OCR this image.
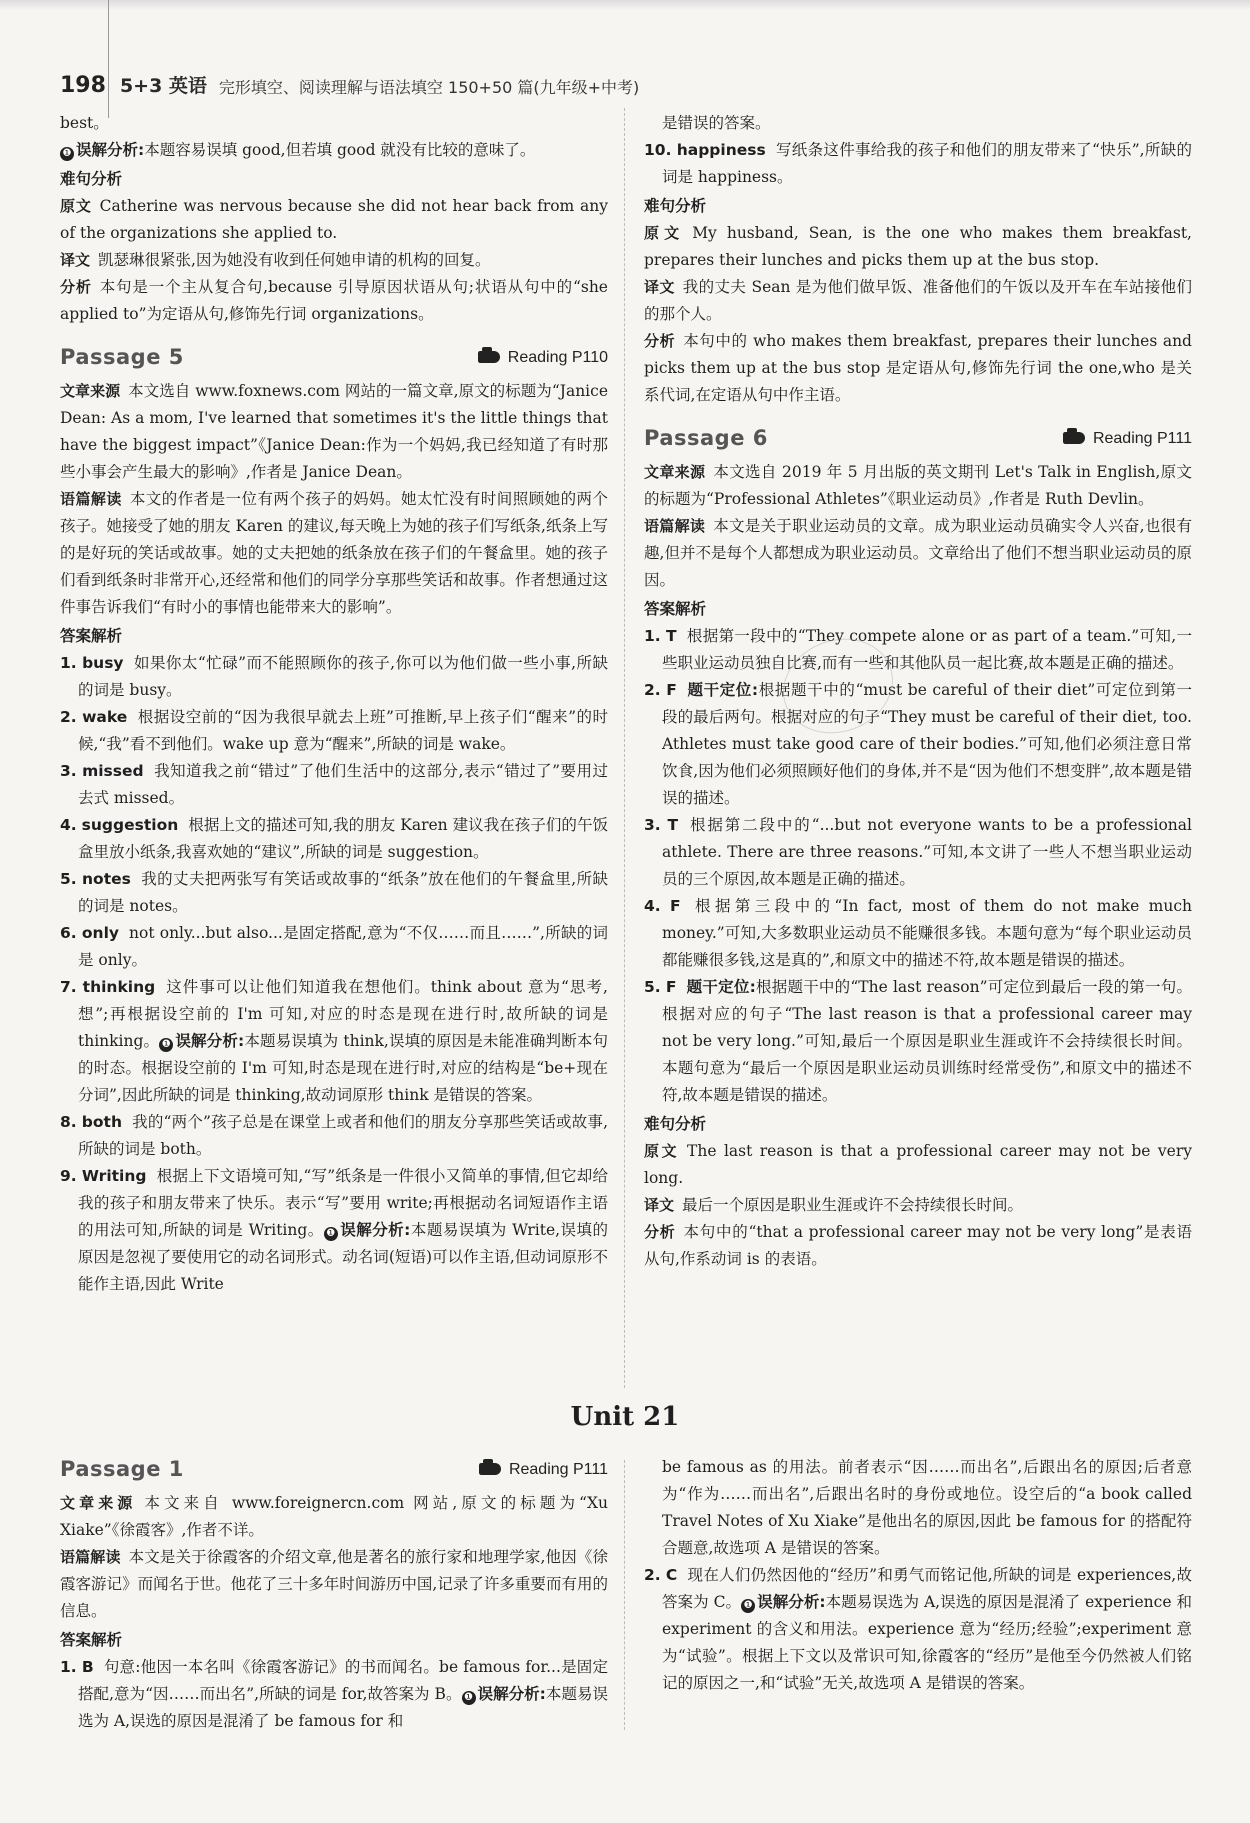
198 5+3 英语 完形填空、阅读理解与语法填空 150+50 篇(九年级+中考)

best。

❶ 误解分析:本题容易误填 good,但若填 good 就没有比较的意味了。

难句分析

原文 Catherine was nervous because she did not hear back from any of the organizations she applied to.

译文 凯瑟琳很紧张,因为她没有收到任何她申请的机构的回复。

分析 本句是一个主从复合句,because 引导原因状语从句;状语从句中的“she applied to”为定语从句,修饰先行词 organizations。

Passage 5	Reading P110

文章来源 本文选自 www.foxnews.com 网站的一篇文章,原文的标题为“Janice Dean: As a mom, I've learned that sometimes it's the little things that have the biggest impact”《Janice Dean:作为一个妈妈,我已经知道了有时那些小事会产生最大的影响》,作者是 Janice Dean。

语篇解读 本文的作者是一位有两个孩子的妈妈。她太忙没有时间照顾她的两个孩子。她接受了她的朋友 Karen 的建议,每天晚上为她的孩子们写纸条,纸条上写的是好玩的笑话或故事。她的丈夫把她的纸条放在孩子们的午餐盒里。她的孩子们看到纸条时非常开心,还经常和他们的同学分享那些笑话和故事。作者想通过这件事告诉我们“有时小的事情也能带来大的影响”。

答案解析

1. busy 如果你太“忙碌”而不能照顾你的孩子,你可以为他们做一些小事,所缺的词是 busy。

2. wake 根据设空前的“因为我很早就去上班”可推断,早上孩子们“醒来”的时候,“我”看不到他们。wake up 意为“醒来”,所缺的词是 wake。

3. missed 我知道我之前“错过”了他们生活中的这部分,表示“错过了”要用过去式 missed。

4. suggestion 根据上文的描述可知,我的朋友 Karen 建议我在孩子们的午饭盒里放小纸条,我喜欢她的“建议”,所缺的词是 suggestion。

5. notes 我的丈夫把两张写有笑话或故事的“纸条”放在他们的午餐盒里,所缺的词是 notes。

6. only not only...but also...是固定搭配,意为“不仅……而且……”,所缺的词是 only。

7. thinking 这件事可以让他们知道我在想他们。think about 意为“思考,想”;再根据设空前的 I'm 可知,对应的时态是现在进行时,故所缺的词是 thinking。 ❶ 误解分析:本题易误填为 think,误填的原因是未能准确判断本句的时态。根据设空前的 I'm 可知,时态是现在进行时,对应的结构是“be+现在分词”,因此所缺的词是 thinking,故动词原形 think 是错误的答案。

8. both 我的“两个”孩子总是在课堂上或者和他们的朋友分享那些笑话或故事,所缺的词是 both。

9. Writing 根据上下文语境可知,“写”纸条是一件很小又简单的事情,但它却给我的孩子和朋友带来了快乐。表示“写”要用 write;再根据动名词短语作主语的用法可知,所缺的词是 Writing。 ❶ 误解分析:本题易误填为 Write,误填的原因是忽视了要使用它的动名词形式。动名词(短语)可以作主语,但动词原形不能作主语,因此 Write

是错误的答案。

10. happiness 写纸条这件事给我的孩子和他们的朋友带来了“快乐”,所缺的词是 happiness。

难句分析

原文 My husband, Sean, is the one who makes them breakfast, prepares their lunches and picks them up at the bus stop.

译文 我的丈夫 Sean 是为他们做早饭、准备他们的午饭以及开车在车站接他们的那个人。

分析 本句中的 who makes them breakfast, prepares their lunches and picks them up at the bus stop 是定语从句,修饰先行词 the one,who 是关系代词,在定语从句中作主语。

Passage 6	Reading P111

文章来源 本文选自 2019 年 5 月出版的英文期刊 Let's Talk in English,原文的标题为“Professional Athletes”《职业运动员》,作者是 Ruth Devlin。

语篇解读 本文是关于职业运动员的文章。成为职业运动员确实令人兴奋,也很有趣,但并不是每个人都想成为职业运动员。文章给出了他们不想当职业运动员的原因。

答案解析

1. T 根据第一段中的“They compete alone or as part of a team.”可知,一些职业运动员独自比赛,而有一些和其他队员一起比赛,故本题是正确的描述。

2. F 题干定位:根据题干中的“must be careful of their diet”可定位到第一段的最后两句。根据对应的句子“They must be careful of their diet, too. Athletes must take good care of their bodies.”可知,他们必须注意日常饮食,因为他们必须照顾好他们的身体,并不是“因为他们不想变胖”,故本题是错误的描述。

3. T 根据第二段中的“...but not everyone wants to be a professional athlete. There are three reasons.”可知,本文讲了一些人不想当职业运动员的三个原因,故本题是正确的描述。

4. F 根据第三段中的“In fact, most of them do not make much money.”可知,大多数职业运动员不能赚很多钱。本题句意为“每个职业运动员都能赚很多钱,这是真的”,和原文中的描述不符,故本题是错误的描述。

5. F 题干定位:根据题干中的“The last reason”可定位到最后一段的第一句。根据对应的句子“The last reason is that a professional career may not be very long.”可知,最后一个原因是职业生涯或许不会持续很长时间。本题句意为“最后一个原因是职业运动员训练时经常受伤”,和原文中的描述不符,故本题是错误的描述。

难句分析

原文 The last reason is that a professional career may not be very long.

译文 最后一个原因是职业生涯或许不会持续很长时间。

分析 本句中的“that a professional career may not be very long”是表语从句,作系动词 is 的表语。

Unit 21
Passage 1	Reading P111

文章来源 本文来自 www.foreignercn.com 网站,原文的标题为“Xu Xiake”《徐霞客》,作者不详。

语篇解读 本文是关于徐霞客的介绍文章,他是著名的旅行家和地理学家,他因《徐霞客游记》而闻名于世。他花了三十多年时间游历中国,记录了许多重要而有用的信息。

答案解析

1. B 句意:他因一本名叫《徐霞客游记》的书而闻名。be famous for...是固定搭配,意为“因……而出名”,所缺的词是 for,故答案为 B。 ❶ 误解分析:本题易误选为 A,误选的原因是混淆了 be famous for 和

be famous as 的用法。前者表示“因……而出名”,后跟出名的原因;后者意为“作为……而出名”,后跟出名时的身份或地位。设空后的“a book called Travel Notes of Xu Xiake”是他出名的原因,因此 be famous for 的搭配符合题意,故选项 A 是错误的答案。

2. C 现在人们仍然因他的“经历”和勇气而铭记他,所缺的词是 experiences,故答案为 C。 ❶ 误解分析:本题易误选为 A,误选的原因是混淆了 experience 和 experiment 的含义和用法。experience 意为“经历;经验”;experiment 意为“试验”。根据上下文以及常识可知,徐霞客的“经历”是他至今仍然被人们铭记的原因之一,和“试验”无关,故选项 A 是错误的答案。
